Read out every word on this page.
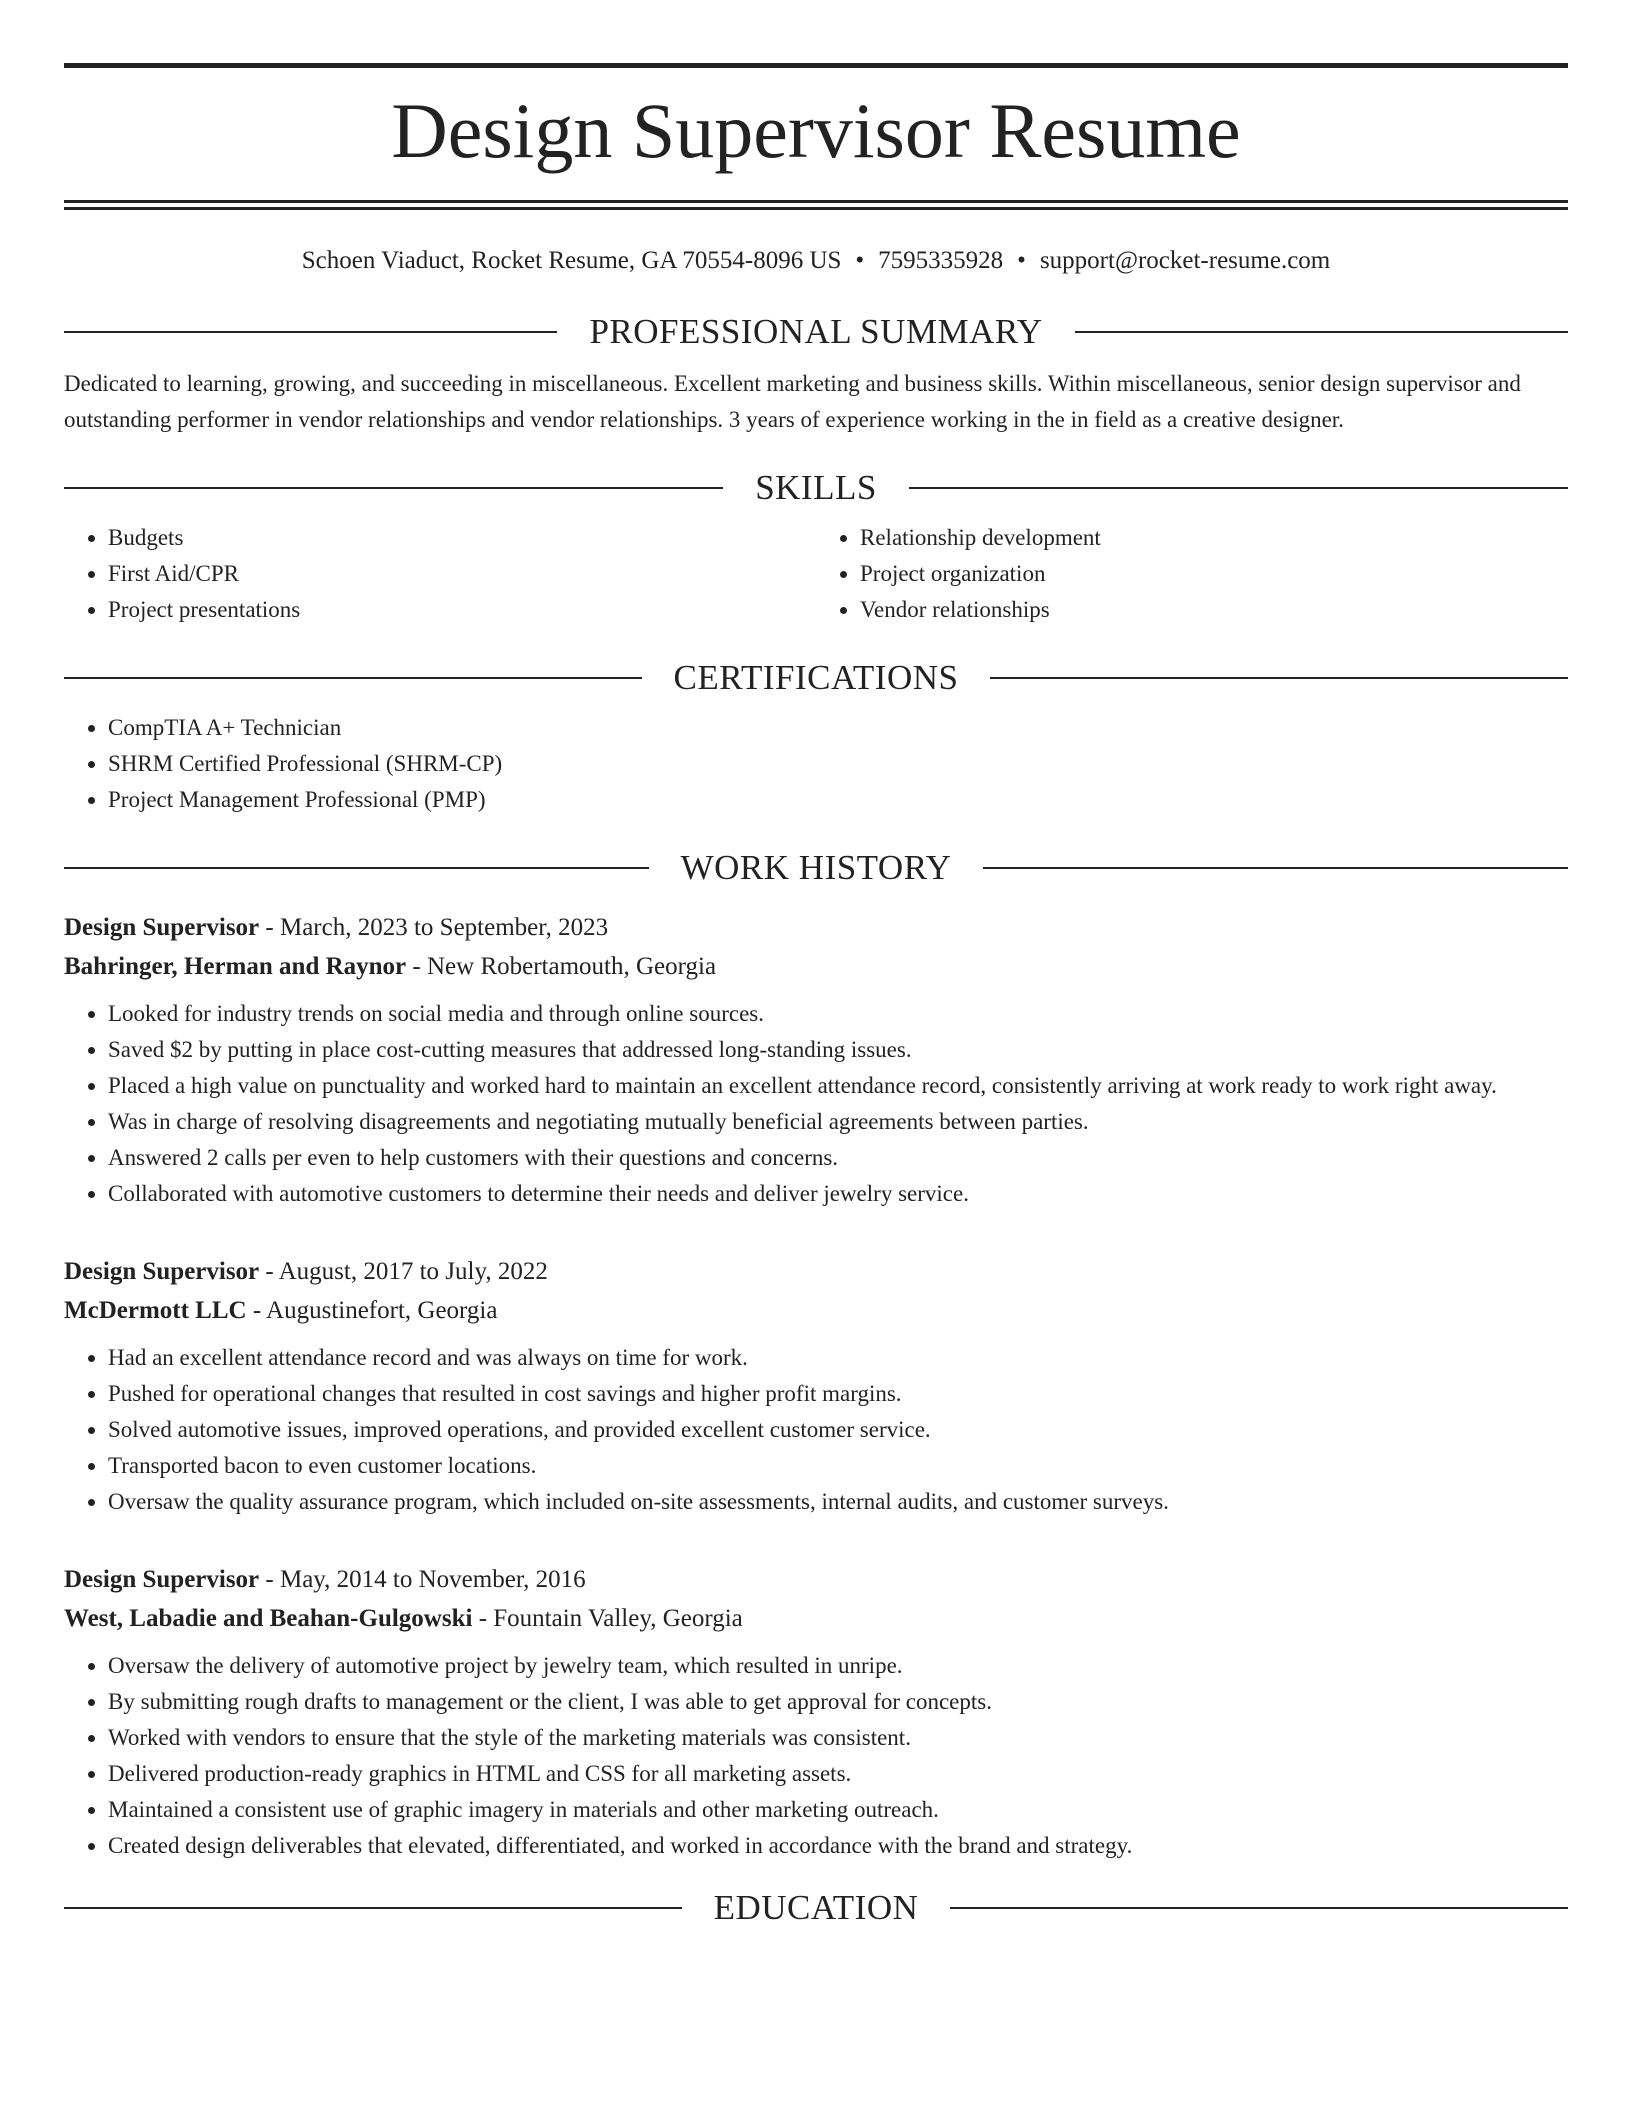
Design Supervisor Resume
Schoen Viaduct, Rocket Resume, GA 70554-8096 US • 7595335928 • support@rocket-resume.com
PROFESSIONAL SUMMARY
Dedicated to learning, growing, and succeeding in miscellaneous. Excellent marketing and business skills. Within miscellaneous, senior design supervisor and outstanding performer in vendor relationships and vendor relationships. 3 years of experience working in the in field as a creative designer.
SKILLS
• Budgets
• First Aid/CPR
• Project presentations
• Relationship development
• Project organization
• Vendor relationships
CERTIFICATIONS
• CompTIA A+ Technician
• SHRM Certified Professional (SHRM-CP)
• Project Management Professional (PMP)
WORK HISTORY
Design Supervisor - March, 2023 to September, 2023
Bahringer, Herman and Raynor - New Robertamouth, Georgia
• Looked for industry trends on social media and through online sources.
• Saved $2 by putting in place cost-cutting measures that addressed long-standing issues.
• Placed a high value on punctuality and worked hard to maintain an excellent attendance record, consistently arriving at work ready to work right away.
• Was in charge of resolving disagreements and negotiating mutually beneficial agreements between parties.
• Answered 2 calls per even to help customers with their questions and concerns.
• Collaborated with automotive customers to determine their needs and deliver jewelry service.
Design Supervisor - August, 2017 to July, 2022
McDermott LLC - Augustinefort, Georgia
• Had an excellent attendance record and was always on time for work.
• Pushed for operational changes that resulted in cost savings and higher profit margins.
• Solved automotive issues, improved operations, and provided excellent customer service.
• Transported bacon to even customer locations.
• Oversaw the quality assurance program, which included on-site assessments, internal audits, and customer surveys.
Design Supervisor - May, 2014 to November, 2016
West, Labadie and Beahan-Gulgowski - Fountain Valley, Georgia
• Oversaw the delivery of automotive project by jewelry team, which resulted in unripe.
• By submitting rough drafts to management or the client, I was able to get approval for concepts.
• Worked with vendors to ensure that the style of the marketing materials was consistent.
• Delivered production-ready graphics in HTML and CSS for all marketing assets.
• Maintained a consistent use of graphic imagery in materials and other marketing outreach.
• Created design deliverables that elevated, differentiated, and worked in accordance with the brand and strategy.
EDUCATION
